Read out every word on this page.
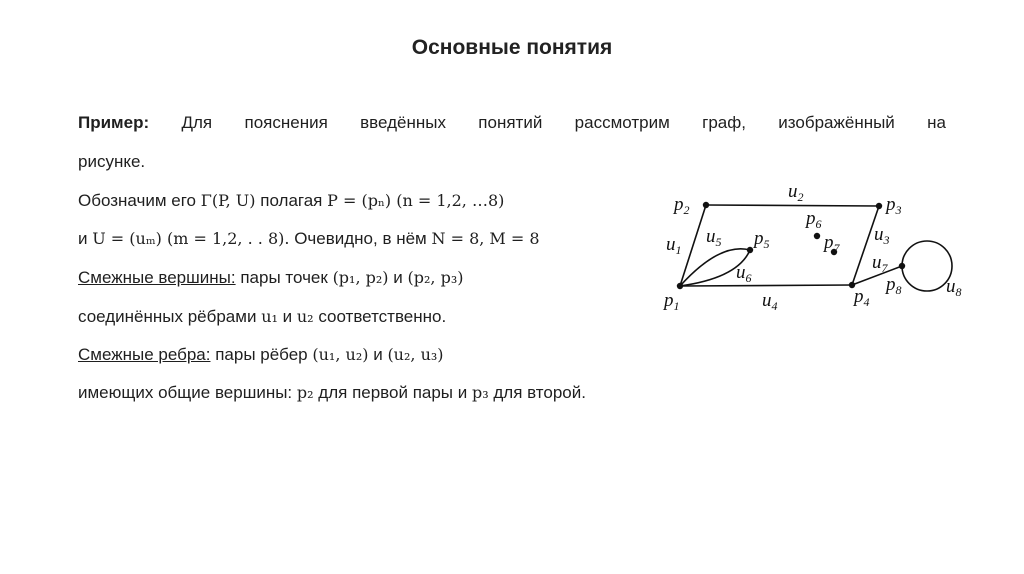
Основные понятия
Пример: Для пояснения введённых понятий рассмотрим граф, изображённый на
рисунке.
Обозначим его Γ(P, U) полагая P = (pₙ) (n = 1,2, …8)
и U = (uₘ) (m = 1,2, . . 8). Очевидно, в нём N = 8, M = 8
Смежные вершины: пары точек (p₁, p₂) и (p₂, p₃)
соединённых рёбрами u₁ и u₂ соответственно.
Смежные ребра: пары рёбер (u₁, u₂) и (u₂, u₃)
имеющих общие вершины: p₂ для первой пары и p₃ для второй.
$p_2$
$p_1$
$p_3$
$p_4$
$p_5$
$p_6$
$p_7$
$p_8$
$u_2$
$u_1$
$u_3$
$u_4$
$u_5$
$u_6$
$u_7$
$u_8$
